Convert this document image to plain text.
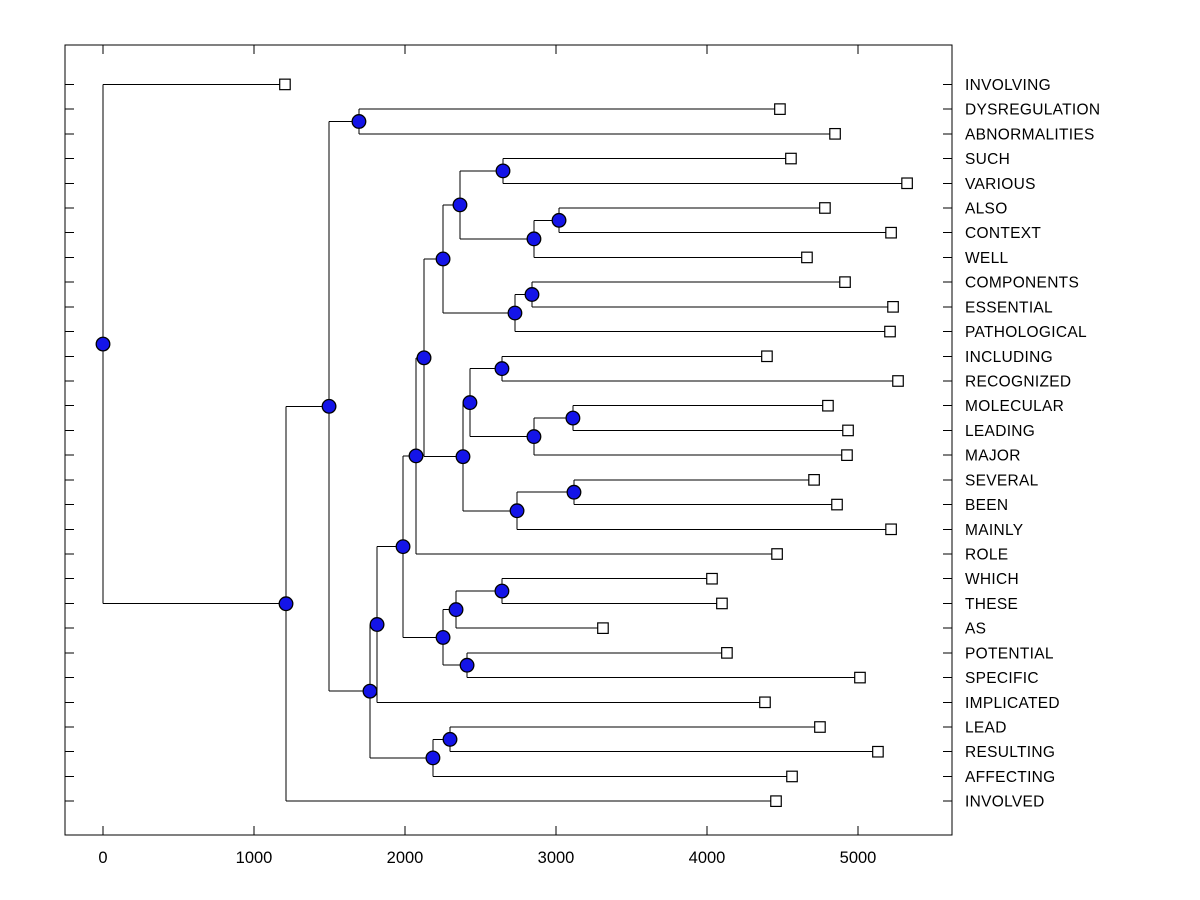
0	1000	2000	3000	4000	5000
INVOLVING
DYSREGULATION
ABNORMALITIES
SUCH
VARIOUS
ALSO
CONTEXT
WELL
COMPONENTS
ESSENTIAL
PATHOLOGICAL
INCLUDING
RECOGNIZED
MOLECULAR
LEADING
MAJOR
SEVERAL
BEEN
MAINLY
ROLE
WHICH
THESE
AS
POTENTIAL
SPECIFIC
IMPLICATED
LEAD
RESULTING
AFFECTING
INVOLVED
